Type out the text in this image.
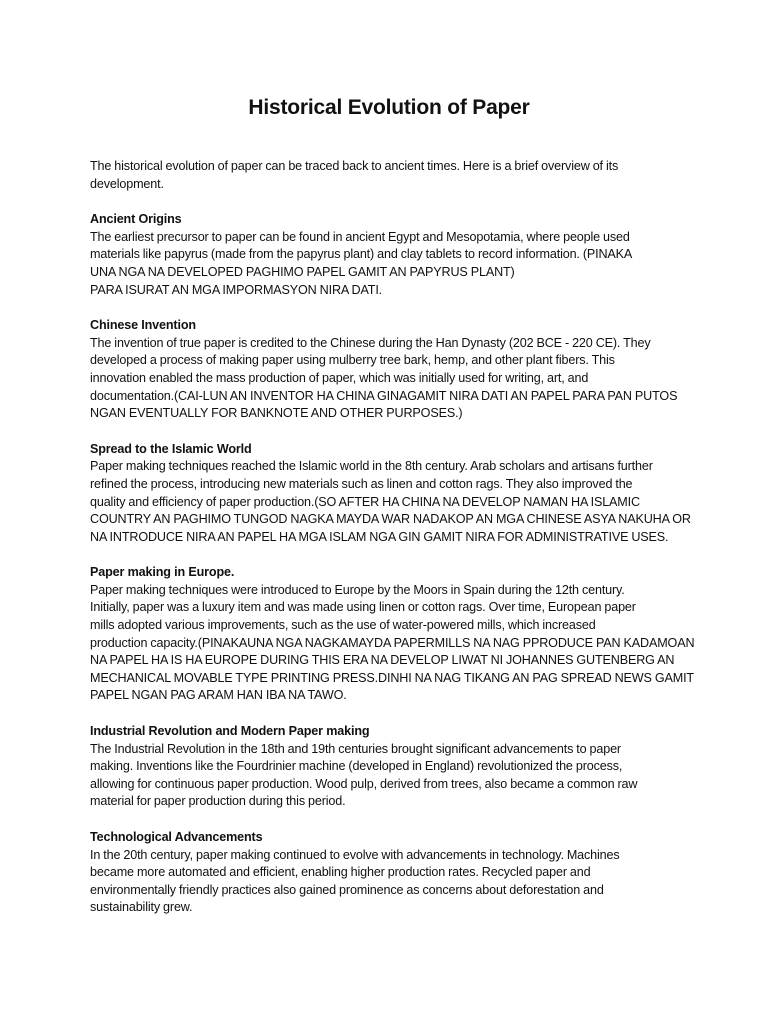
Historical Evolution of Paper

The historical evolution of paper can be traced back to ancient times. Here is a brief overview of its
development.

Ancient Origins

The earliest precursor to paper can be found in ancient Egypt and Mesopotamia, where people used
materials like papyrus (made from the papyrus plant) and clay tablets to record information. (PINAKA
UNA NGA NA DEVELOPED PAGHIMO PAPEL GAMIT AN PAPYRUS PLANT)
PARA ISURAT AN MGA IMPORMASYON NIRA DATI.

Chinese Invention

The invention of true paper is credited to the Chinese during the Han Dynasty (202 BCE - 220 CE). They
developed a process of making paper using mulberry tree bark, hemp, and other plant fibers. This
innovation enabled the mass production of paper, which was initially used for writing, art, and
documentation.(CAI-LUN AN INVENTOR HA CHINA GINAGAMIT NIRA DATI AN PAPEL PARA PAN PUTOS
NGAN EVENTUALLY FOR BANKNOTE AND OTHER PURPOSES.)

Spread to the Islamic World

Paper making techniques reached the Islamic world in the 8th century. Arab scholars and artisans further
refined the process, introducing new materials such as linen and cotton rags. They also improved the
quality and efficiency of paper production.(SO AFTER HA CHINA NA DEVELOP NAMAN HA ISLAMIC
COUNTRY AN PAGHIMO TUNGOD NAGKA MAYDA WAR NADAKOP AN MGA CHINESE ASYA NAKUHA OR
NA INTRODUCE NIRA AN PAPEL HA MGA ISLAM NGA GIN GAMIT NIRA FOR ADMINISTRATIVE USES.

Paper making in Europe.

Paper making techniques were introduced to Europe by the Moors in Spain during the 12th century.
Initially, paper was a luxury item and was made using linen or cotton rags. Over time, European paper
mills adopted various improvements, such as the use of water-powered mills, which increased
production capacity.(PINAKAUNA NGA NAGKAMAYDA PAPERMILLS NA NAG PPRODUCE PAN KADAMOAN
NA PAPEL HA IS HA EUROPE DURING THIS ERA NA DEVELOP LIWAT NI JOHANNES GUTENBERG AN
MECHANICAL MOVABLE TYPE PRINTING PRESS.DINHI NA NAG TIKANG AN PAG SPREAD NEWS GAMIT
PAPEL NGAN PAG ARAM HAN IBA NA TAWO.

Industrial Revolution and Modern Paper making

The Industrial Revolution in the 18th and 19th centuries brought significant advancements to paper
making. Inventions like the Fourdrinier machine (developed in England) revolutionized the process,
allowing for continuous paper production. Wood pulp, derived from trees, also became a common raw
material for paper production during this period.

Technological Advancements

In the 20th century, paper making continued to evolve with advancements in technology. Machines
became more automated and efficient, enabling higher production rates. Recycled paper and
environmentally friendly practices also gained prominence as concerns about deforestation and
sustainability grew.
